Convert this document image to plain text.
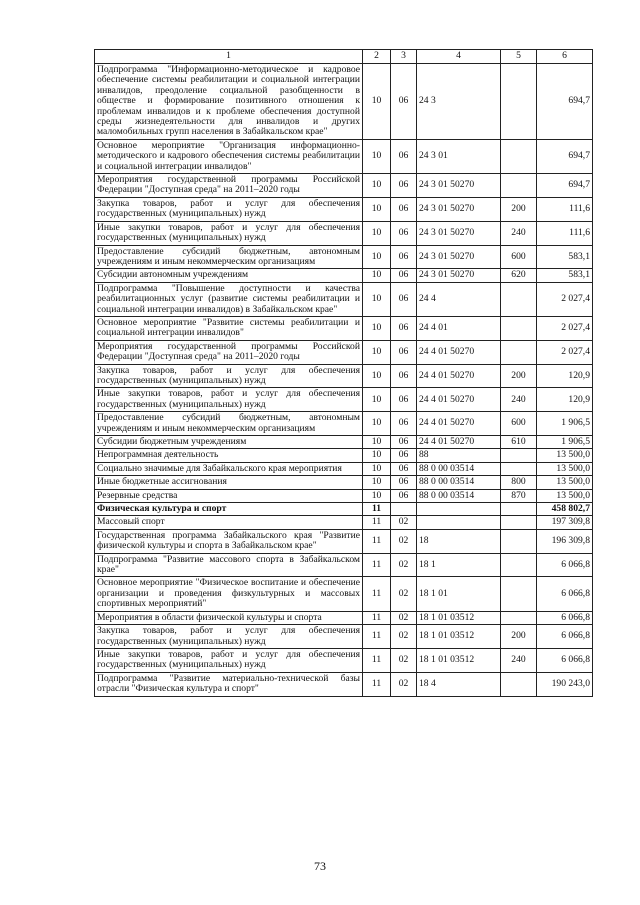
1	2	3	4	5	6
Подпрограмма "Информационно-методическое и кадровое обеспечение системы реабилитации и социальной интеграции инвалидов, преодоление социальной разобщенности в обществе и формирование позитивного отношения к проблемам инвалидов и к проблеме обеспечения доступной среды жизнедеятельности для инвалидов и других маломобильных групп населения в Забайкальском крае"	10	06	24 3		694,7
Основное мероприятие "Организация информационно-методического и кадрового обеспечения системы реабилитации и социальной интеграции инвалидов"	10	06	24 3 01		694,7
Мероприятия государственной программы Российской Федерации "Доступная среда" на 2011–2020 годы	10	06	24 3 01 50270		694,7
Закупка товаров, работ и услуг для обеспечения государственных (муниципальных) нужд	10	06	24 3 01 50270	200	111,6
Иные закупки товаров, работ и услуг для обеспечения государственных (муниципальных) нужд	10	06	24 3 01 50270	240	111,6
Предоставление субсидий бюджетным, автономным учреждениям и иным некоммерческим организациям	10	06	24 3 01 50270	600	583,1
Субсидии автономным учреждениям	10	06	24 3 01 50270	620	583,1
Подпрограмма "Повышение доступности и качества реабилитационных услуг (развитие системы реабилитации и социальной интеграции инвалидов) в Забайкальском крае"	10	06	24 4		2 027,4
Основное мероприятие "Развитие системы реабилитации и социальной интеграции инвалидов"	10	06	24 4 01		2 027,4
Мероприятия государственной программы Российской Федерации "Доступная среда" на 2011–2020 годы	10	06	24 4 01 50270		2 027,4
Закупка товаров, работ и услуг для обеспечения государственных (муниципальных) нужд	10	06	24 4 01 50270	200	120,9
Иные закупки товаров, работ и услуг для обеспечения государственных (муниципальных) нужд	10	06	24 4 01 50270	240	120,9
Предоставление субсидий бюджетным, автономным учреждениям и иным некоммерческим организациям	10	06	24 4 01 50270	600	1 906,5
Субсидии бюджетным учреждениям	10	06	24 4 01 50270	610	1 906,5
Непрограммная деятельность	10	06	88		13 500,0
Социально значимые для Забайкальского края мероприятия	10	06	88 0 00 03514		13 500,0
Иные бюджетные ассигнования	10	06	88 0 00 03514	800	13 500,0
Резервные средства	10	06	88 0 00 03514	870	13 500,0
Физическая культура и спорт	11				458 802,7
Массовый спорт	11	02			197 309,8
Государственная программа Забайкальского края "Развитие физической культуры и спорта в Забайкальском крае"	11	02	18		196 309,8
Подпрограмма "Развитие массового спорта в Забайкальском крае"	11	02	18 1		6 066,8
Основное мероприятие "Физическое воспитание и обеспечение организации и проведения физкультурных и массовых спортивных мероприятий"	11	02	18 1 01		6 066,8
Мероприятия в области физической культуры и спорта	11	02	18 1 01 03512		6 066,8
Закупка товаров, работ и услуг для обеспечения государственных (муниципальных) нужд	11	02	18 1 01 03512	200	6 066,8
Иные закупки товаров, работ и услуг для обеспечения государственных (муниципальных) нужд	11	02	18 1 01 03512	240	6 066,8
Подпрограмма "Развитие материально-технической базы отрасли "Физическая культура и спорт"	11	02	18 4		190 243,0
73
